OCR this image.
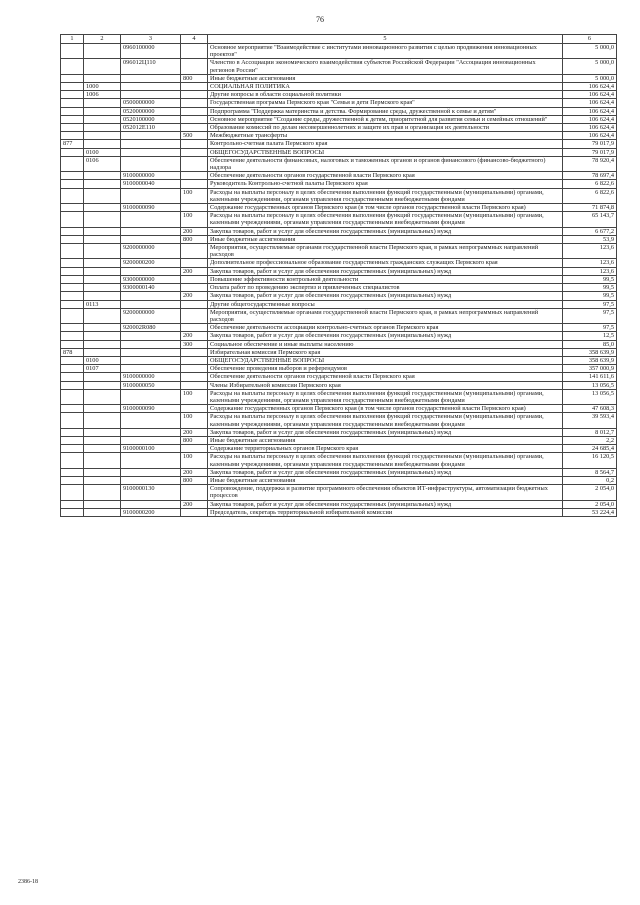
76
1	2	3	4	5	6
		0960100000		Основное мероприятие "Взаимодействие с институтами инновационного развития с целью продвижения инновационных проектов"	5 000,0
		096012Ц110		Членство в Ассоциации экономического взаимодействия субъектов Российской Федерации "Ассоциация инновационных регионов России"	5 000,0
			800	Иные бюджетные ассигнования	5 000,0
	1000			СОЦИАЛЬНАЯ ПОЛИТИКА	106 624,4
	1006			Другие вопросы в области социальной политики	106 624,4
		0500000000		Государственная программа Пермского края "Семья и дети Пермского края"	106 624,4
		0520000000		Подпрограмма "Поддержка материнства и детства. Формирование среды, дружественной к семье и детям"	106 624,4
		0520100000		Основное мероприятие "Создание среды, дружественной к детям, приоритетной для развития семьи и семейных отношений"	106 624,4
		052012Е110		Образование комиссий по делам несовершеннолетних и защите их прав и организация их деятельности	106 624,4
			500	Межбюджетные трансферты	106 624,4
877				Контрольно-счетная палата Пермского края	79 017,9
	0100			ОБЩЕГОСУДАРСТВЕННЫЕ ВОПРОСЫ	79 017,9
	0106			Обеспечение деятельности финансовых, налоговых и таможенных органов и органов финансового (финансово-бюджетного) надзора	78 920,4
		9100000000		Обеспечение деятельности органов государственной власти Пермского края	78 697,4
		9100000040		Руководитель Контрольно-счетной палаты Пермского края	6 822,6
			100	Расходы на выплаты персоналу в целях обеспечения выполнения функций государственными (муниципальными) органами, казенными учреждениями, органами управления государственными внебюджетными фондами	6 822,6
		9100000090		Содержание государственных органов Пермского края (в том числе органов государственной власти Пермского края)	71 874,8
			100	Расходы на выплаты персоналу в целях обеспечения выполнения функций государственными (муниципальными) органами, казенными учреждениями, органами управления государственными внебюджетными фондами	65 143,7
			200	Закупка товаров, работ и услуг для обеспечения государственных (муниципальных) нужд	6 677,2
			800	Иные бюджетные ассигнования	53,9
		9200000000		Мероприятия, осуществляемые органами государственной власти Пермского края, в рамках непрограммных направлений расходов	123,6
		9200000200		Дополнительное профессиональное образование государственных гражданских служащих Пермского края	123,6
			200	Закупка товаров, работ и услуг для обеспечения государственных (муниципальных) нужд	123,6
		9300000000		Повышение эффективности контрольной деятельности	99,5
		9300000140		Оплата работ по проведению экспертиз и привлеченных специалистов	99,5
			200	Закупка товаров, работ и услуг для обеспечения государственных (муниципальных) нужд	99,5
	0113			Другие общегосударственные вопросы	97,5
		9200000000		Мероприятия, осуществляемые органами государственной власти Пермского края, в рамках непрограммных направлений расходов	97,5
		920002R080		Обеспечение деятельности ассоциации контрольно-счетных органов Пермского края	97,5
			200	Закупка товаров, работ и услуг для обеспечения государственных (муниципальных) нужд	12,5
			300	Социальное обеспечение и иные выплаты населению	85,0
878				Избирательная комиссия Пермского края	358 639,9
	0100			ОБЩЕГОСУДАРСТВЕННЫЕ ВОПРОСЫ	358 639,9
	0107			Обеспечение проведения выборов и референдумов	357 000,9
		9100000000		Обеспечение деятельности органов государственной власти Пермского края	141 611,6
		9100000050		Члены Избирательной комиссии Пермского края	13 056,5
			100	Расходы на выплаты персоналу в целях обеспечения выполнения функций государственными (муниципальными) органами, казенными учреждениями, органами управления государственными внебюджетными фондами	13 056,5
		9100000090		Содержание государственных органов Пермского края (в том числе органов государственной власти Пермского края)	47 608,3
			100	Расходы на выплаты персоналу в целях обеспечения выполнения функций государственными (муниципальными) органами, казенными учреждениями, органами управления государственными внебюджетными фондами	39 593,4
			200	Закупка товаров, работ и услуг для обеспечения государственных (муниципальных) нужд	8 012,7
			800	Иные бюджетные ассигнования	2,2
		9100000100		Содержание территориальных органов Пермского края	24 685,4
			100	Расходы на выплаты персоналу в целях обеспечения выполнения функций государственными (муниципальными) органами, казенными учреждениями, органами управления государственными внебюджетными фондами	16 120,5
			200	Закупка товаров, работ и услуг для обеспечения государственных (муниципальных) нужд	8 564,7
			800	Иные бюджетные ассигнования	0,2
		9100000130		Сопровождение, поддержка и развитие программного обеспечения объектов ИТ-инфраструктуры, автоматизации бюджетных процессов	2 054,0
			200	Закупка товаров, работ и услуг для обеспечения государственных (муниципальных) нужд	2 054,0
		9100000200		Председатель, секретарь территориальной избирательной комиссии	53 224,4
2386-18
